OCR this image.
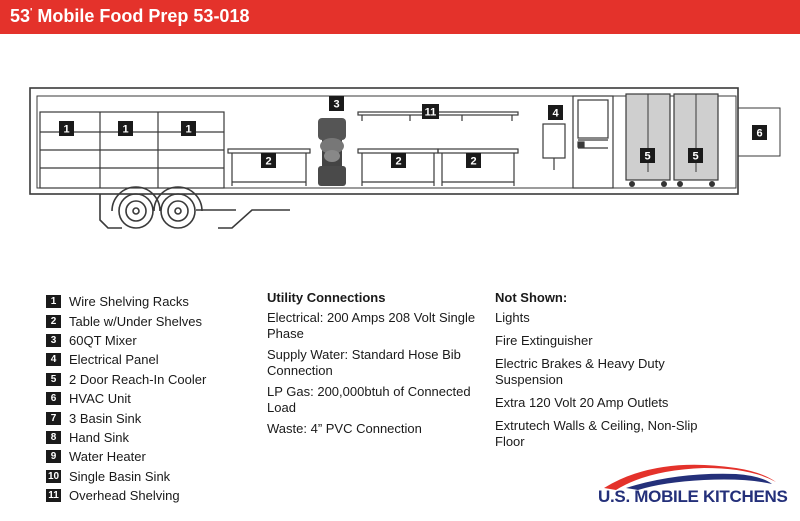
53' Mobile Food Prep 53-018
1	1	1
3
11	4
6
2	2	2	5	5
1 Wire Shelving Racks
2 Table w/Under Shelves
3 60QT Mixer
4 Electrical Panel
5 2 Door Reach-In Cooler
6 HVAC Unit
7 3 Basin Sink
8 Hand Sink
9 Water Heater
10 Single Basin Sink
11 Overhead Shelving
Utility Connections

Electrical: 200 Amps 208 Volt Single Phase

Supply Water: Standard Hose Bib Connection

LP Gas: 200,000btuh of Connected Load

Waste: 4” PVC Connection

Not Shown:

Lights

Fire Extinguisher

Electric Brakes & Heavy Duty Suspension

Extra 120 Volt 20 Amp Outlets

Extrutech Walls & Ceiling, Non-Slip Floor

U.S. MOBILE KITCHENS
